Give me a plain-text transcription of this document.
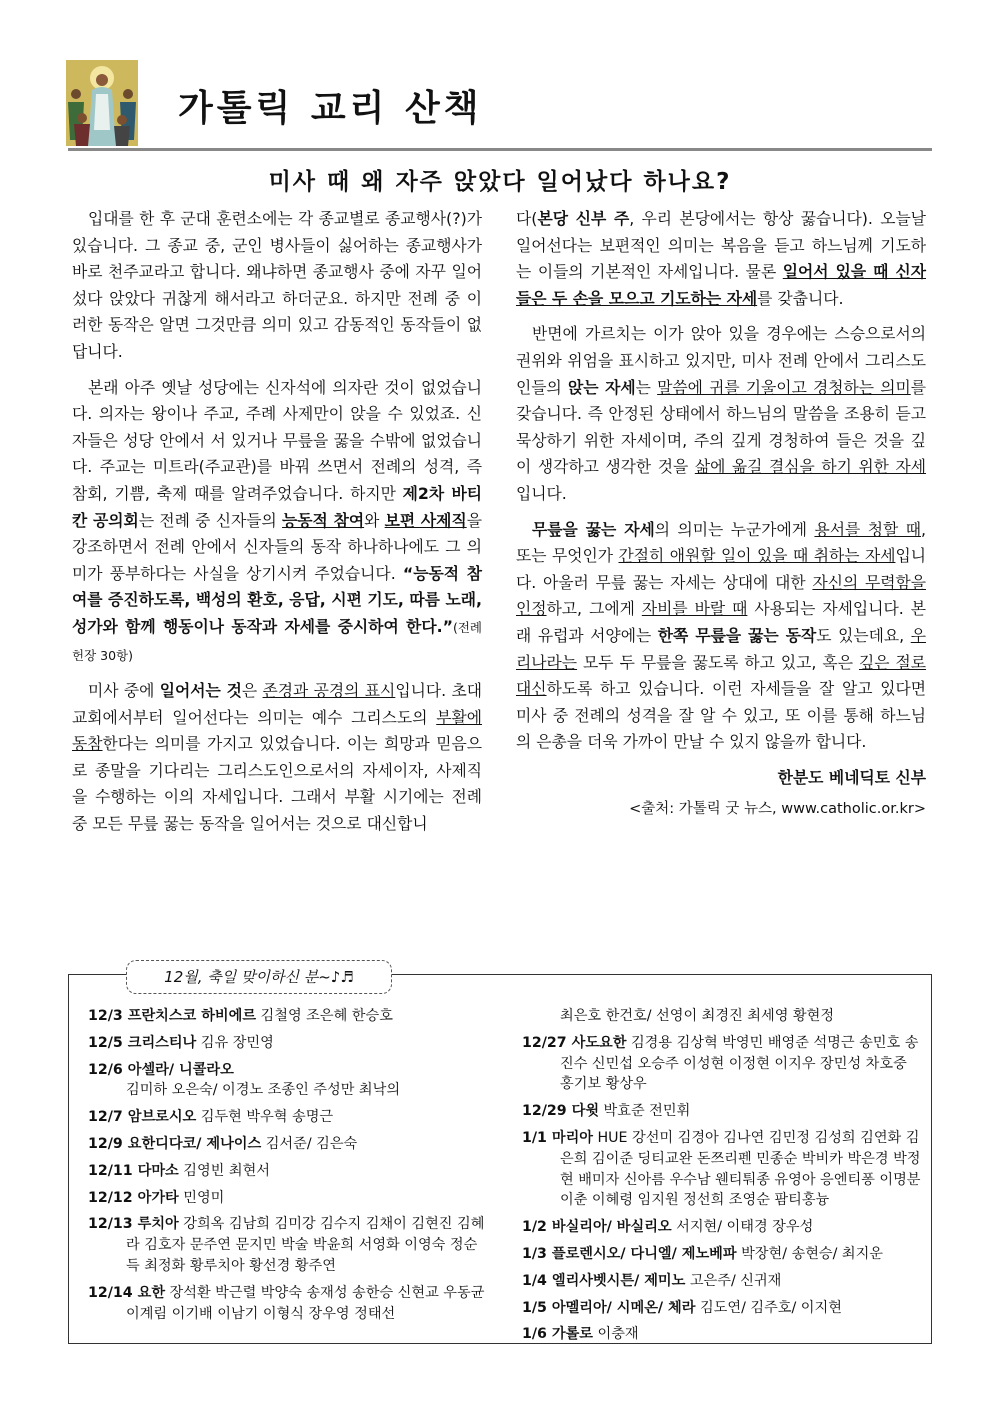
가톨릭 교리 산책
미사 때 왜 자주 앉았다 일어났다 하나요?

입대를 한 후 군대 훈련소에는 각 종교별로 종교행사(?)가 있습니다. 그 종교 중, 군인 병사들이 싫어하는 종교행사가 바로 천주교라고 합니다. 왜냐하면 종교행사 중에 자꾸 일어섰다 앉았다 귀찮게 해서라고 하더군요. 하지만 전례 중 이러한 동작은 알면 그것만큼 의미 있고 감동적인 동작들이 없답니다.

본래 아주 옛날 성당에는 신자석에 의자란 것이 없었습니다. 의자는 왕이나 주교, 주례 사제만이 앉을 수 있었죠. 신자들은 성당 안에서 서 있거나 무릎을 꿇을 수밖에 없었습니다. 주교는 미트라(주교관)를 바꿔 쓰면서 전례의 성격, 즉 참회, 기쁨, 축제 때를 알려주었습니다. 하지만 제2차 바티칸 공의회는 전례 중 신자들의 능동적 참여와 보편 사제직을 강조하면서 전례 안에서 신자들의 동작 하나하나에도 그 의미가 풍부하다는 사실을 상기시켜 주었습니다. “능동적 참여를 증진하도록, 백성의 환호, 응답, 시편 기도, 따름 노래, 성가와 함께 행동이나 동작과 자세를 중시하여 한다.”(전례헌장 30항)

미사 중에 일어서는 것은 존경과 공경의 표시입니다. 초대 교회에서부터 일어선다는 의미는 예수 그리스도의 부활에 동참한다는 의미를 가지고 있었습니다. 이는 희망과 믿음으로 종말을 기다리는 그리스도인으로서의 자세이자, 사제직을 수행하는 이의 자세입니다. 그래서 부활 시기에는 전례 중 모든 무릎 꿇는 동작을 일어서는 것으로 대신합니

다(본당 신부 주, 우리 본당에서는 항상 꿇습니다). 오늘날 일어선다는 보편적인 의미는 복음을 듣고 하느님께 기도하는 이들의 기본적인 자세입니다. 물론 일어서 있을 때 신자들은 두 손을 모으고 기도하는 자세를 갖춥니다.

반면에 가르치는 이가 앉아 있을 경우에는 스승으로서의 권위와 위엄을 표시하고 있지만, 미사 전례 안에서 그리스도인들의 앉는 자세는 말씀에 귀를 기울이고 경청하는 의미를 갖습니다. 즉 안정된 상태에서 하느님의 말씀을 조용히 듣고 묵상하기 위한 자세이며, 주의 깊게 경청하여 들은 것을 깊이 생각하고 생각한 것을 삶에 옮길 결심을 하기 위한 자세입니다.

무릎을 꿇는 자세의 의미는 누군가에게 용서를 청할 때, 또는 무엇인가 간절히 애원할 일이 있을 때 취하는 자세입니다. 아울러 무릎 꿇는 자세는 상대에 대한 자신의 무력함을 인정하고, 그에게 자비를 바랄 때 사용되는 자세입니다. 본래 유럽과 서양에는 한쪽 무릎을 꿇는 동작도 있는데요, 우리나라는 모두 두 무릎을 꿇도록 하고 있고, 혹은 깊은 절로 대신하도록 하고 있습니다. 이런 자세들을 잘 알고 있다면 미사 중 전례의 성격을 잘 알 수 있고, 또 이를 통해 하느님의 은총을 더욱 가까이 만날 수 있지 않을까 합니다.

한분도 베네딕토 신부

<출처: 가톨릭 굿 뉴스, www.catholic.or.kr>

12월, 축일 맞이하신 분~♪♬
12/3 프란치스코 하비에르 김철영 조은혜 한승호
12/5 크리스티나 김유 장민영
12/6 아셀라/ 니콜라오
김미하 오은숙/ 이경노 조종인 주성만 최낙의
12/7 암브로시오 김두현 박우혁 송명근
12/9 요한디다코/ 제나이스 김서준/ 김은숙
12/11 다마소 김영빈 최현서
12/12 아가타 민영미
12/13 루치아 강희옥 김남희 김미강 김수지 김채이 김현진 김혜라 김호자 문주연 문지민 박술 박윤희 서영화 이영숙 정순득 최정화 황루치아 황선경 황주연
12/14 요한 장석환 박근렬 박양숙 송재성 송한승 신현교 우동균 이계림 이기배 이남기 이형식 장우영 정태선
최은호 한건호/ 선영이 최경진 최세영 황현정
12/27 사도요한 김경용 김상혁 박영민 배영준 석명근 송민호 송진수 신민섭 오승주 이성현 이정현 이지우 장민성 차호중 홍기보 황상우
12/29 다윗 박효준 전민휘
1/1 마리아 HUE 강선미 김경아 김나연 김민정 김성희 김연화 김은희 김이준 딩티교완 돈쯔리펜 민종순 박비카 박은경 박정현 배미자 신아름 우수남 웬티퉈종 유영아 응엔티퐁 이명분 이춘 이혜령 임지원 정선희 조영순 팜티홍늉
1/2 바실리아/ 바실리오 서지현/ 이태경 장우성
1/3 플로렌시오/ 다니엘/ 제노베파 박장현/ 송현승/ 최지운
1/4 엘리사벳시튼/ 제미노 고은주/ 신귀재
1/5 아멜리아/ 시메온/ 체라 김도연/ 김주호/ 이지현
1/6 가롤로 이충재
